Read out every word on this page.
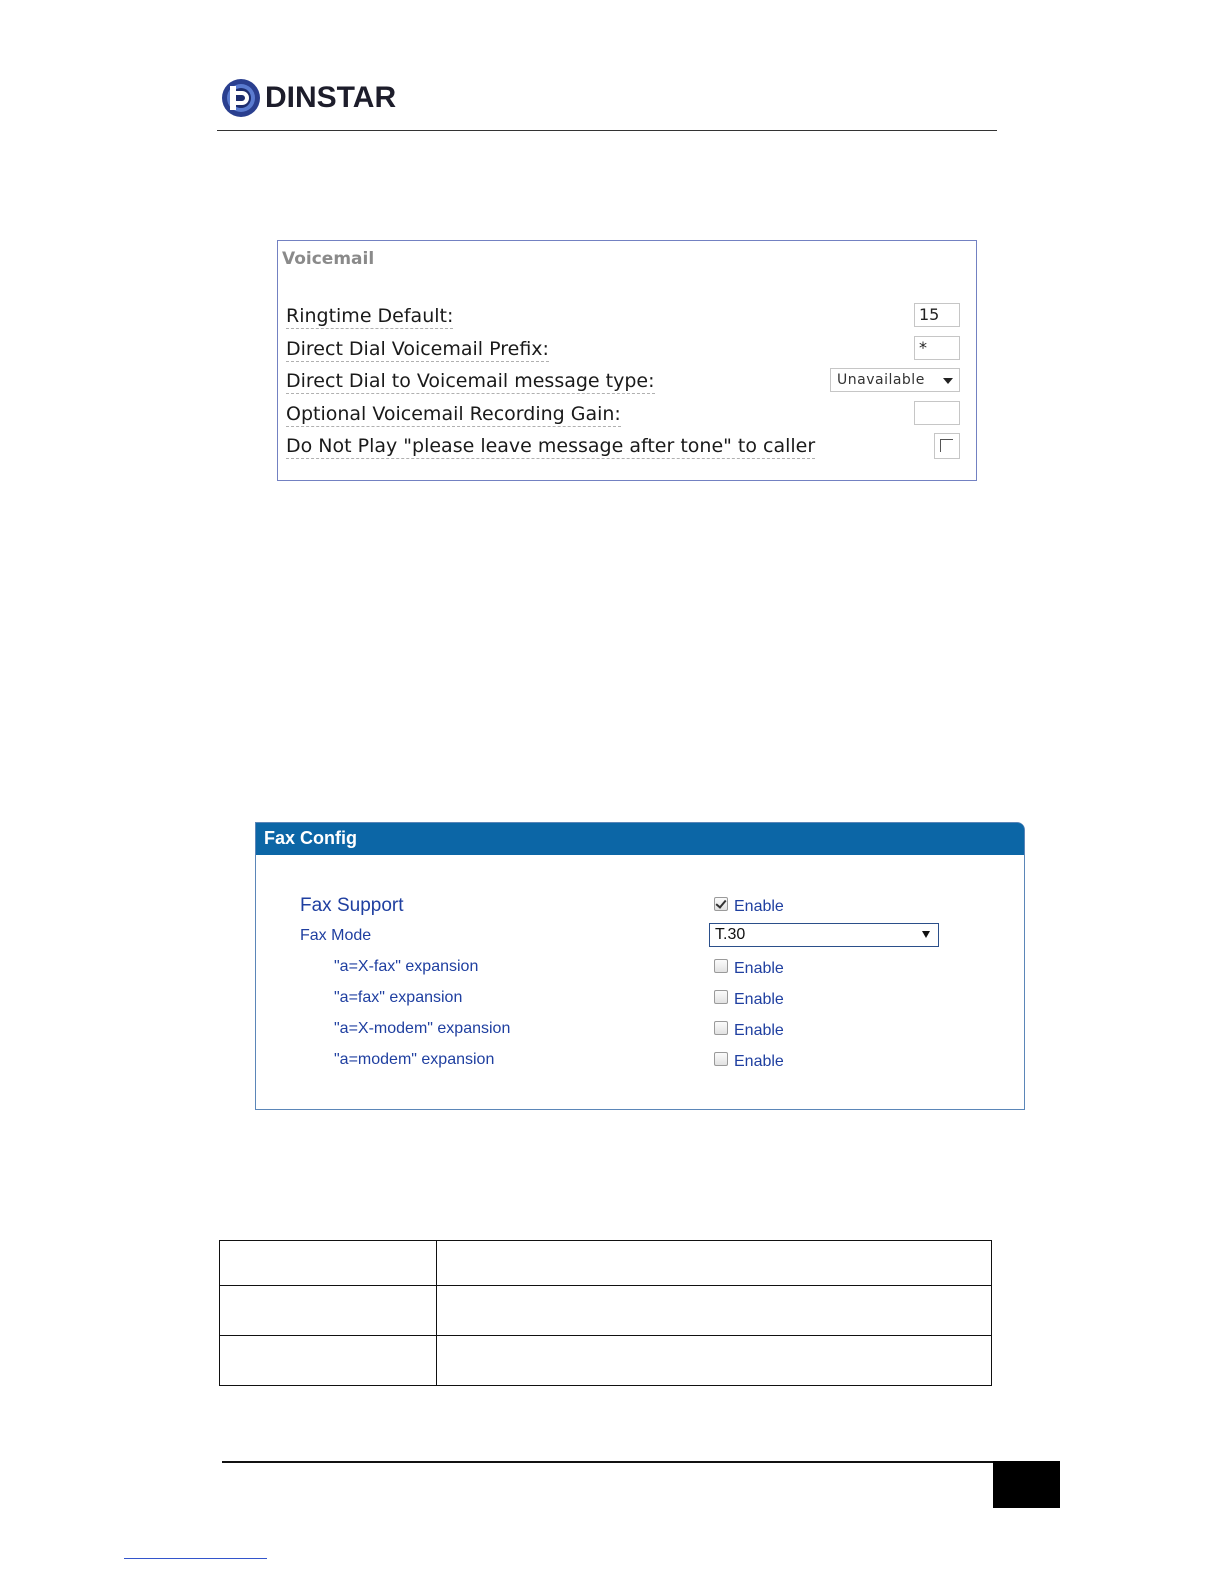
DINSTAR
Voicemail
Ringtime Default:	15
Direct Dial Voicemail Prefix:	*
Direct Dial to Voicemail message type:	Unavailable
Optional Voicemail Recording Gain:
Do Not Play "please leave message after tone" to caller
Fax Config
Fax Support	Enable
Fax Mode	T.30
"a=X-fax" expansion	Enable
"a=fax" expansion	Enable
"a=X-modem" expansion	Enable
"a=modem" expansion	Enable
